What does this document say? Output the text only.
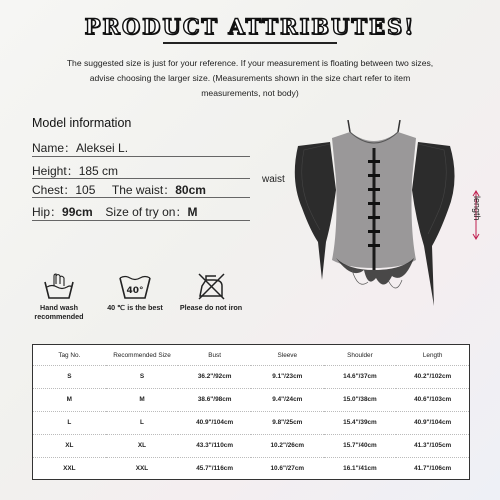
PRODUCT ATTRIBUTES!
The suggested size is just for your reference. If your measurement is floating between two sizes,
advise choosing the larger size. (Measurements shown in the size chart refer to item
measurements, not body)
Model information
Name：Aleksei L.
Height：185 cm
Chest：105 The waist：80cm
Hip：99cm Size of try on：M
waist
length
Hand wash
recommended
40°
40 ℃ is the best	Please do not iron
Tag No.	Recommended Size	Bust	Sleeve	Shoulder	Length
S	S	36.2"/92cm	9.1"/23cm	14.6"/37cm	40.2"/102cm
M	M	38.6"/98cm	9.4"/24cm	15.0"/38cm	40.6"/103cm
L	L	40.9"/104cm	9.8"/25cm	15.4"/39cm	40.9"/104cm
XL	XL	43.3"/110cm	10.2"/26cm	15.7"/40cm	41.3"/105cm
XXL	XXL	45.7"/116cm	10.6"/27cm	16.1"/41cm	41.7"/106cm
